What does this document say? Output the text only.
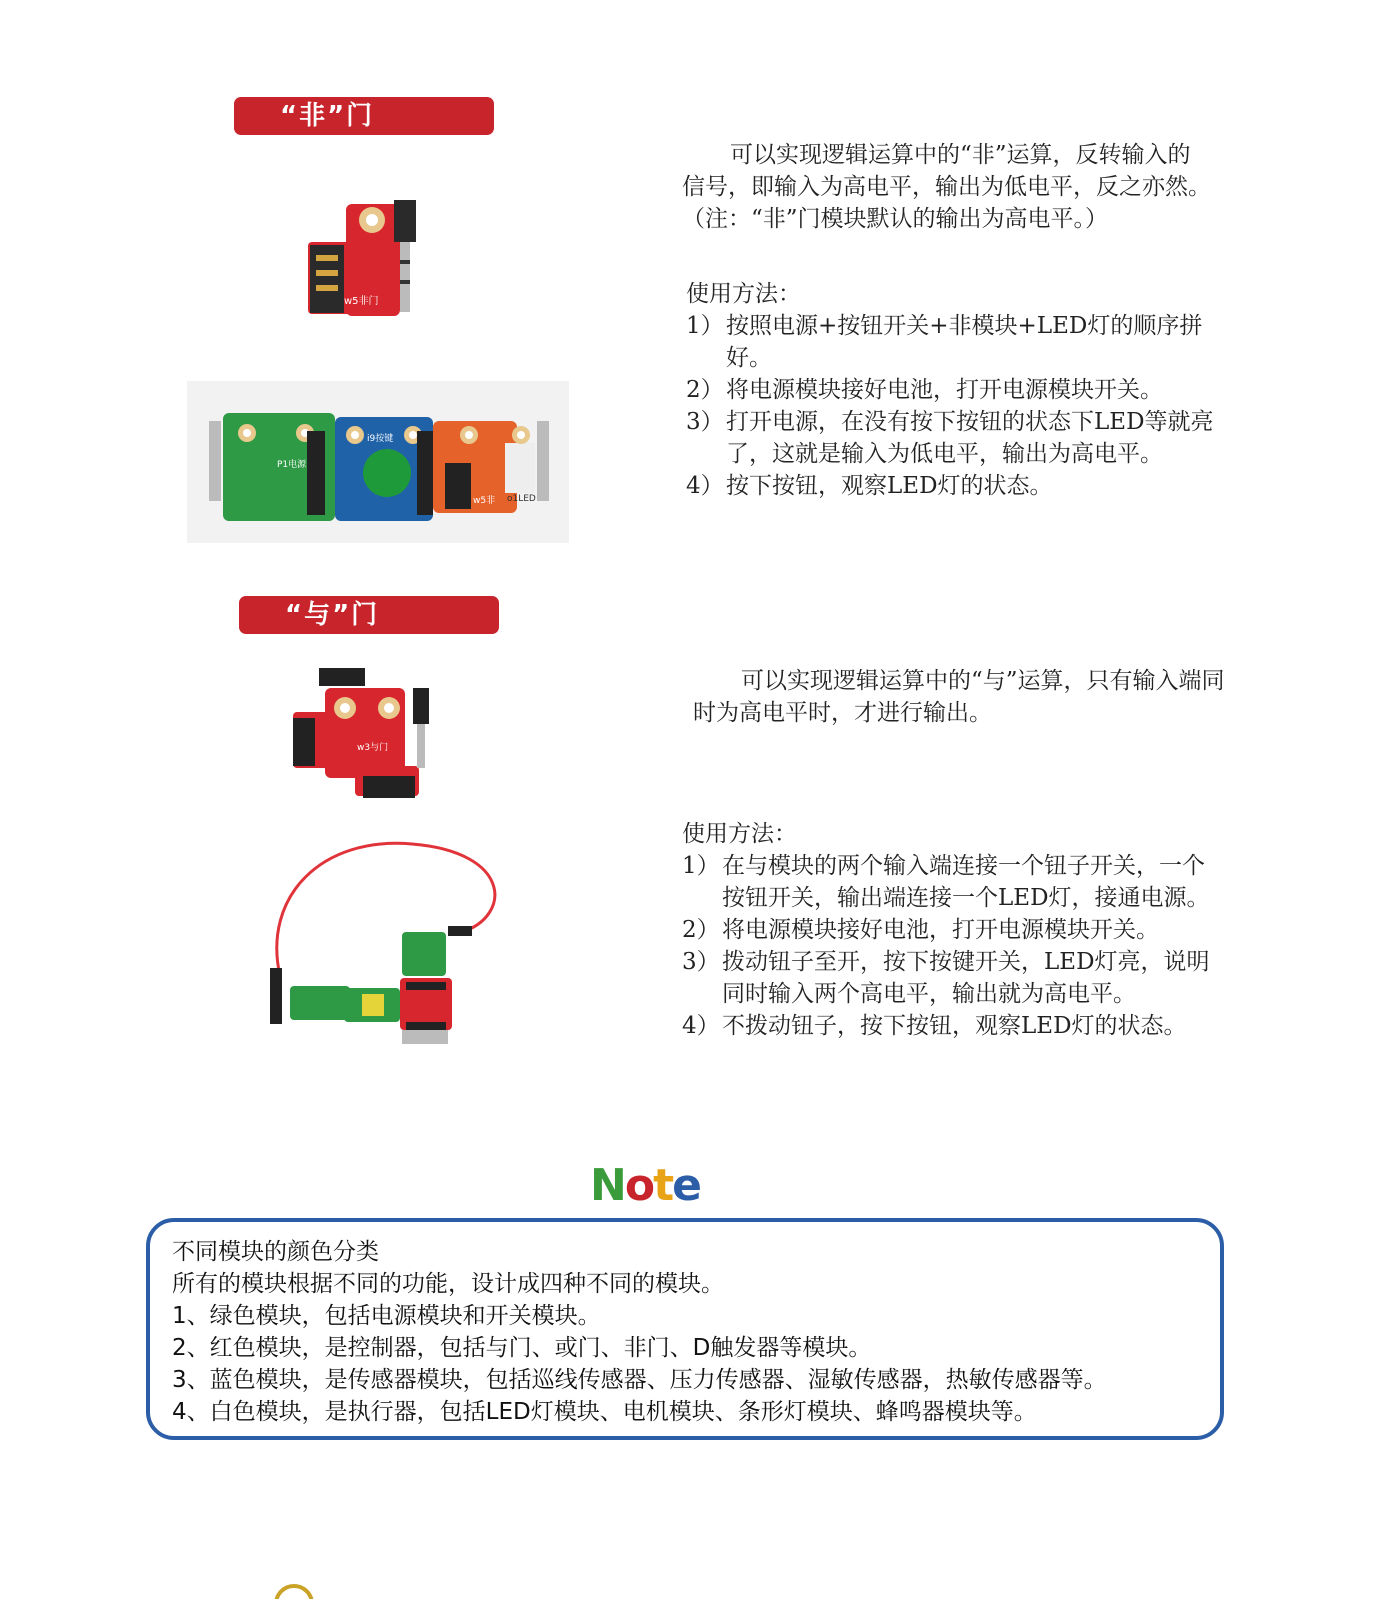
“非”门
w5非门
P1电源
i9按键
o1LED
w5非
可以实现逻辑运算中的“非”运算，反转输入的信号，即输入为高电平，输出为低电平，反之亦然。（注：“非”门模块默认的输出为高电平。）
使用方法：
1） 按照电源+按钮开关+非模块+LED灯的顺序拼好。
2） 将电源模块接好电池，打开电源模块开关。
3） 打开电源，在没有按下按钮的状态下LED等就亮了，这就是输入为低电平，输出为高电平。
4） 按下按钮，观察LED灯的状态。
“与”门
w3与门
可以实现逻辑运算中的“与”运算，只有输入端同时为高电平时，才进行输出。
使用方法：
1） 在与模块的两个输入端连接一个钮子开关，一个按钮开关，输出端连接一个LED灯，接通电源。
2） 将电源模块接好电池，打开电源模块开关。
3） 拨动钮子至开，按下按键开关，LED灯亮，说明同时输入两个高电平，输出就为高电平。
4） 不拨动钮子，按下按钮，观察LED灯的状态。
Note
不同模块的颜色分类
所有的模块根据不同的功能，设计成四种不同的模块。
1、绿色模块，包括电源模块和开关模块。
2、红色模块，是控制器，包括与门、或门、非门、D触发器等模块。
3、蓝色模块，是传感器模块，包括巡线传感器、压力传感器、湿敏传感器，热敏传感器等。
4、白色模块，是执行器，包括LED灯模块、电机模块、条形灯模块、蜂鸣器模块等。
